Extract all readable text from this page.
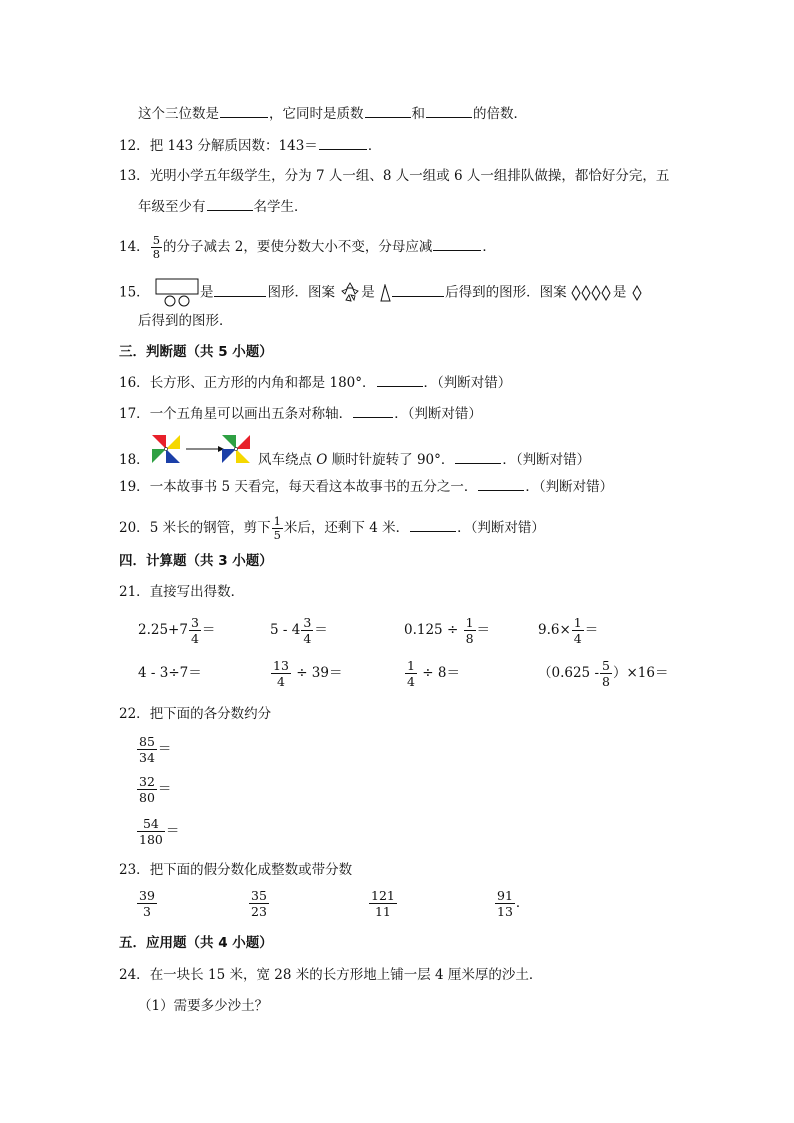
这个三位数是	，它同时是质数	和	的倍数．
12．把 143 分解质因数：143＝	．
13．光明小学五年级学生，分为 7 人一组、8 人一组或 6 人一组排队做操，都恰好分完，五
年级至少有	名学生．
14． $\frac{5}{8}$ 的分子减去 2，要使分数大小不变，分母应减	．
15．	是	图形．图案 是	后得到的图形．图案	是
后得到的图形．
三．判断题（共 5 小题）
16．长方形、正方形的内角和都是 180°．	．（判断对错）
17．一个五角星可以画出五条对称轴．	．（判断对错）
18．	风车绕点 O 顺时针旋转了 90°．	．（判断对错）
19．一本故事书 5 天看完，每天看这本故事书的五分之一．	．（判断对错）
20．5 米长的钢管，剪下 $\frac{1}{5}$ 米后，还剩下 4 米．	．（判断对错）
四．计算题（共 3 小题）
21．直接写出得数．
$2.25+7 \frac{3}{4}$ ＝	$5 - 4 \frac{3}{4}$ ＝	$0.125 \div \frac{1}{8}$ ＝	$9.6\times \frac{1}{4}$ ＝
4 - 3÷7＝	$\frac{13}{4} \div 39=$	$\frac{1}{4} \div 8=$	$(0.625 - \frac{5}{8} )\times 16=$
22．把下面的各分数约分
$\frac{85}{34}$ ＝
$\frac{32}{80}$ ＝
$\frac{54}{180}$ ＝
23．把下面的假分数化成整数或带分数
$\frac{39}{3}$	$\frac{35}{23}$	$\frac{121}{11}$	$\frac{91}{13}$ ．
五．应用题（共 4 小题）
24．在一块长 15 米，宽 28 米的长方形地上铺一层 4 厘米厚的沙土．
（1）需要多少沙土？
